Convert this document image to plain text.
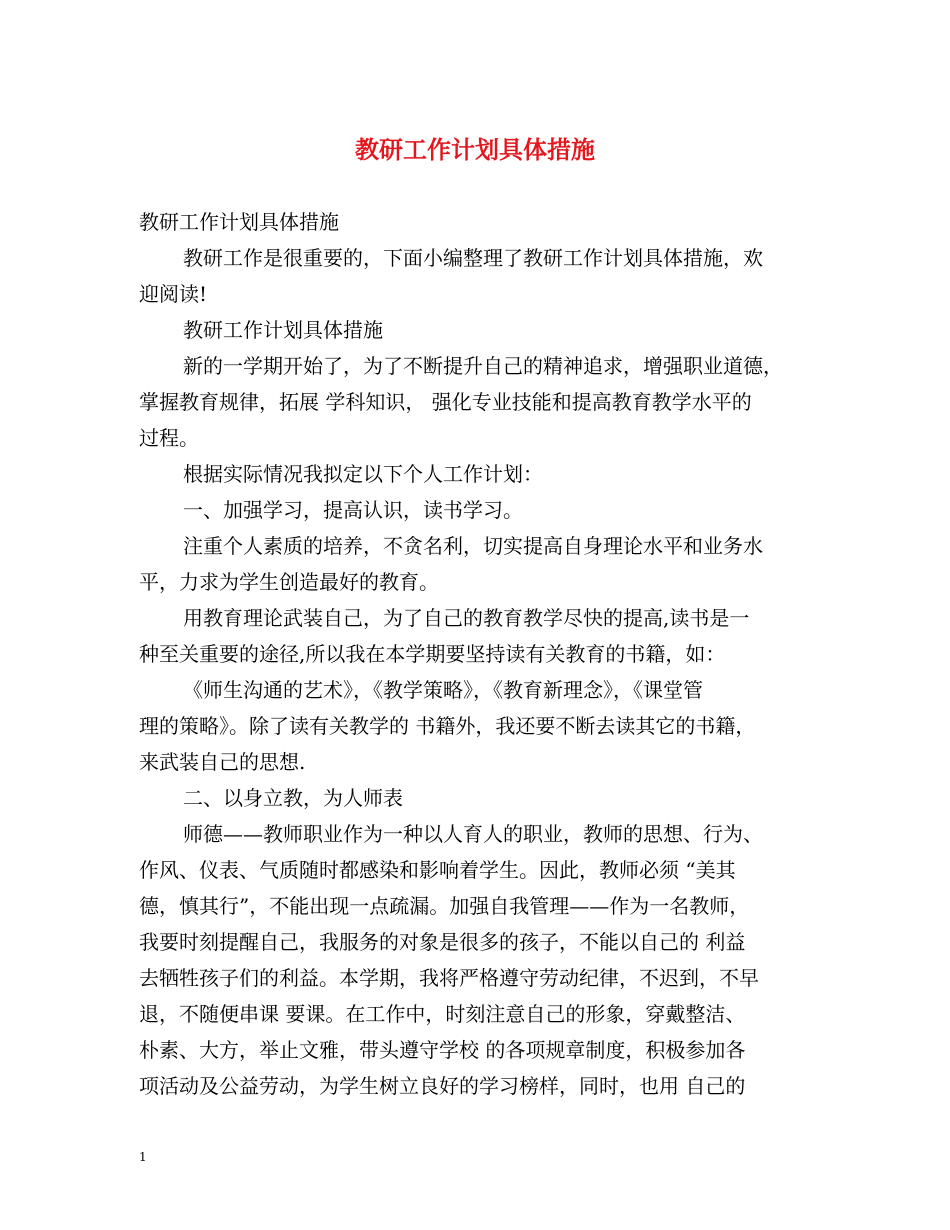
教研工作计划具体措施
教研工作计划具体措施
教研工作是很重要的，下面小编整理了教研工作计划具体措施，欢
迎阅读!
教研工作计划具体措施
新的一学期开始了，为了不断提升自己的精神追求，增强职业道德，
掌握教育规律，拓展 学科知识， 强化专业技能和提高教育教学水平的
过程。
根据实际情况我拟定以下个人工作计划：
一、加强学习，提高认识，读书学习。
注重个人素质的培养，不贪名利，切实提高自身理论水平和业务水
平，力求为学生创造最好的教育。
用教育理论武装自己，为了自己的教育教学尽快的提高,读书是一
种至关重要的途径,所以我在本学期要坚持读有关教育的书籍，如：
《师生沟通的艺术》，《教学策略》，《教育新理念》，《课堂管
理的策略》。除了读有关教学的 书籍外，我还要不断去读其它的书籍，
来武装自己的思想.
二、以身立教，为人师表
师德——教师职业作为一种以人育人的职业，教师的思想、行为、
作风、仪表、气质随时都感染和影响着学生。因此，教师必须 “美其
德，慎其行”，不能出现一点疏漏。加强自我管理——作为一名教师，
我要时刻提醒自己，我服务的对象是很多的孩子，不能以自己的 利益
去牺牲孩子们的利益。本学期，我将严格遵守劳动纪律，不迟到，不早
退，不随便串课 要课。在工作中，时刻注意自己的形象，穿戴整洁、
朴素、大方，举止文雅，带头遵守学校 的各项规章制度，积极参加各
项活动及公益劳动，为学生树立良好的学习榜样，同时，也用 自己的
1
